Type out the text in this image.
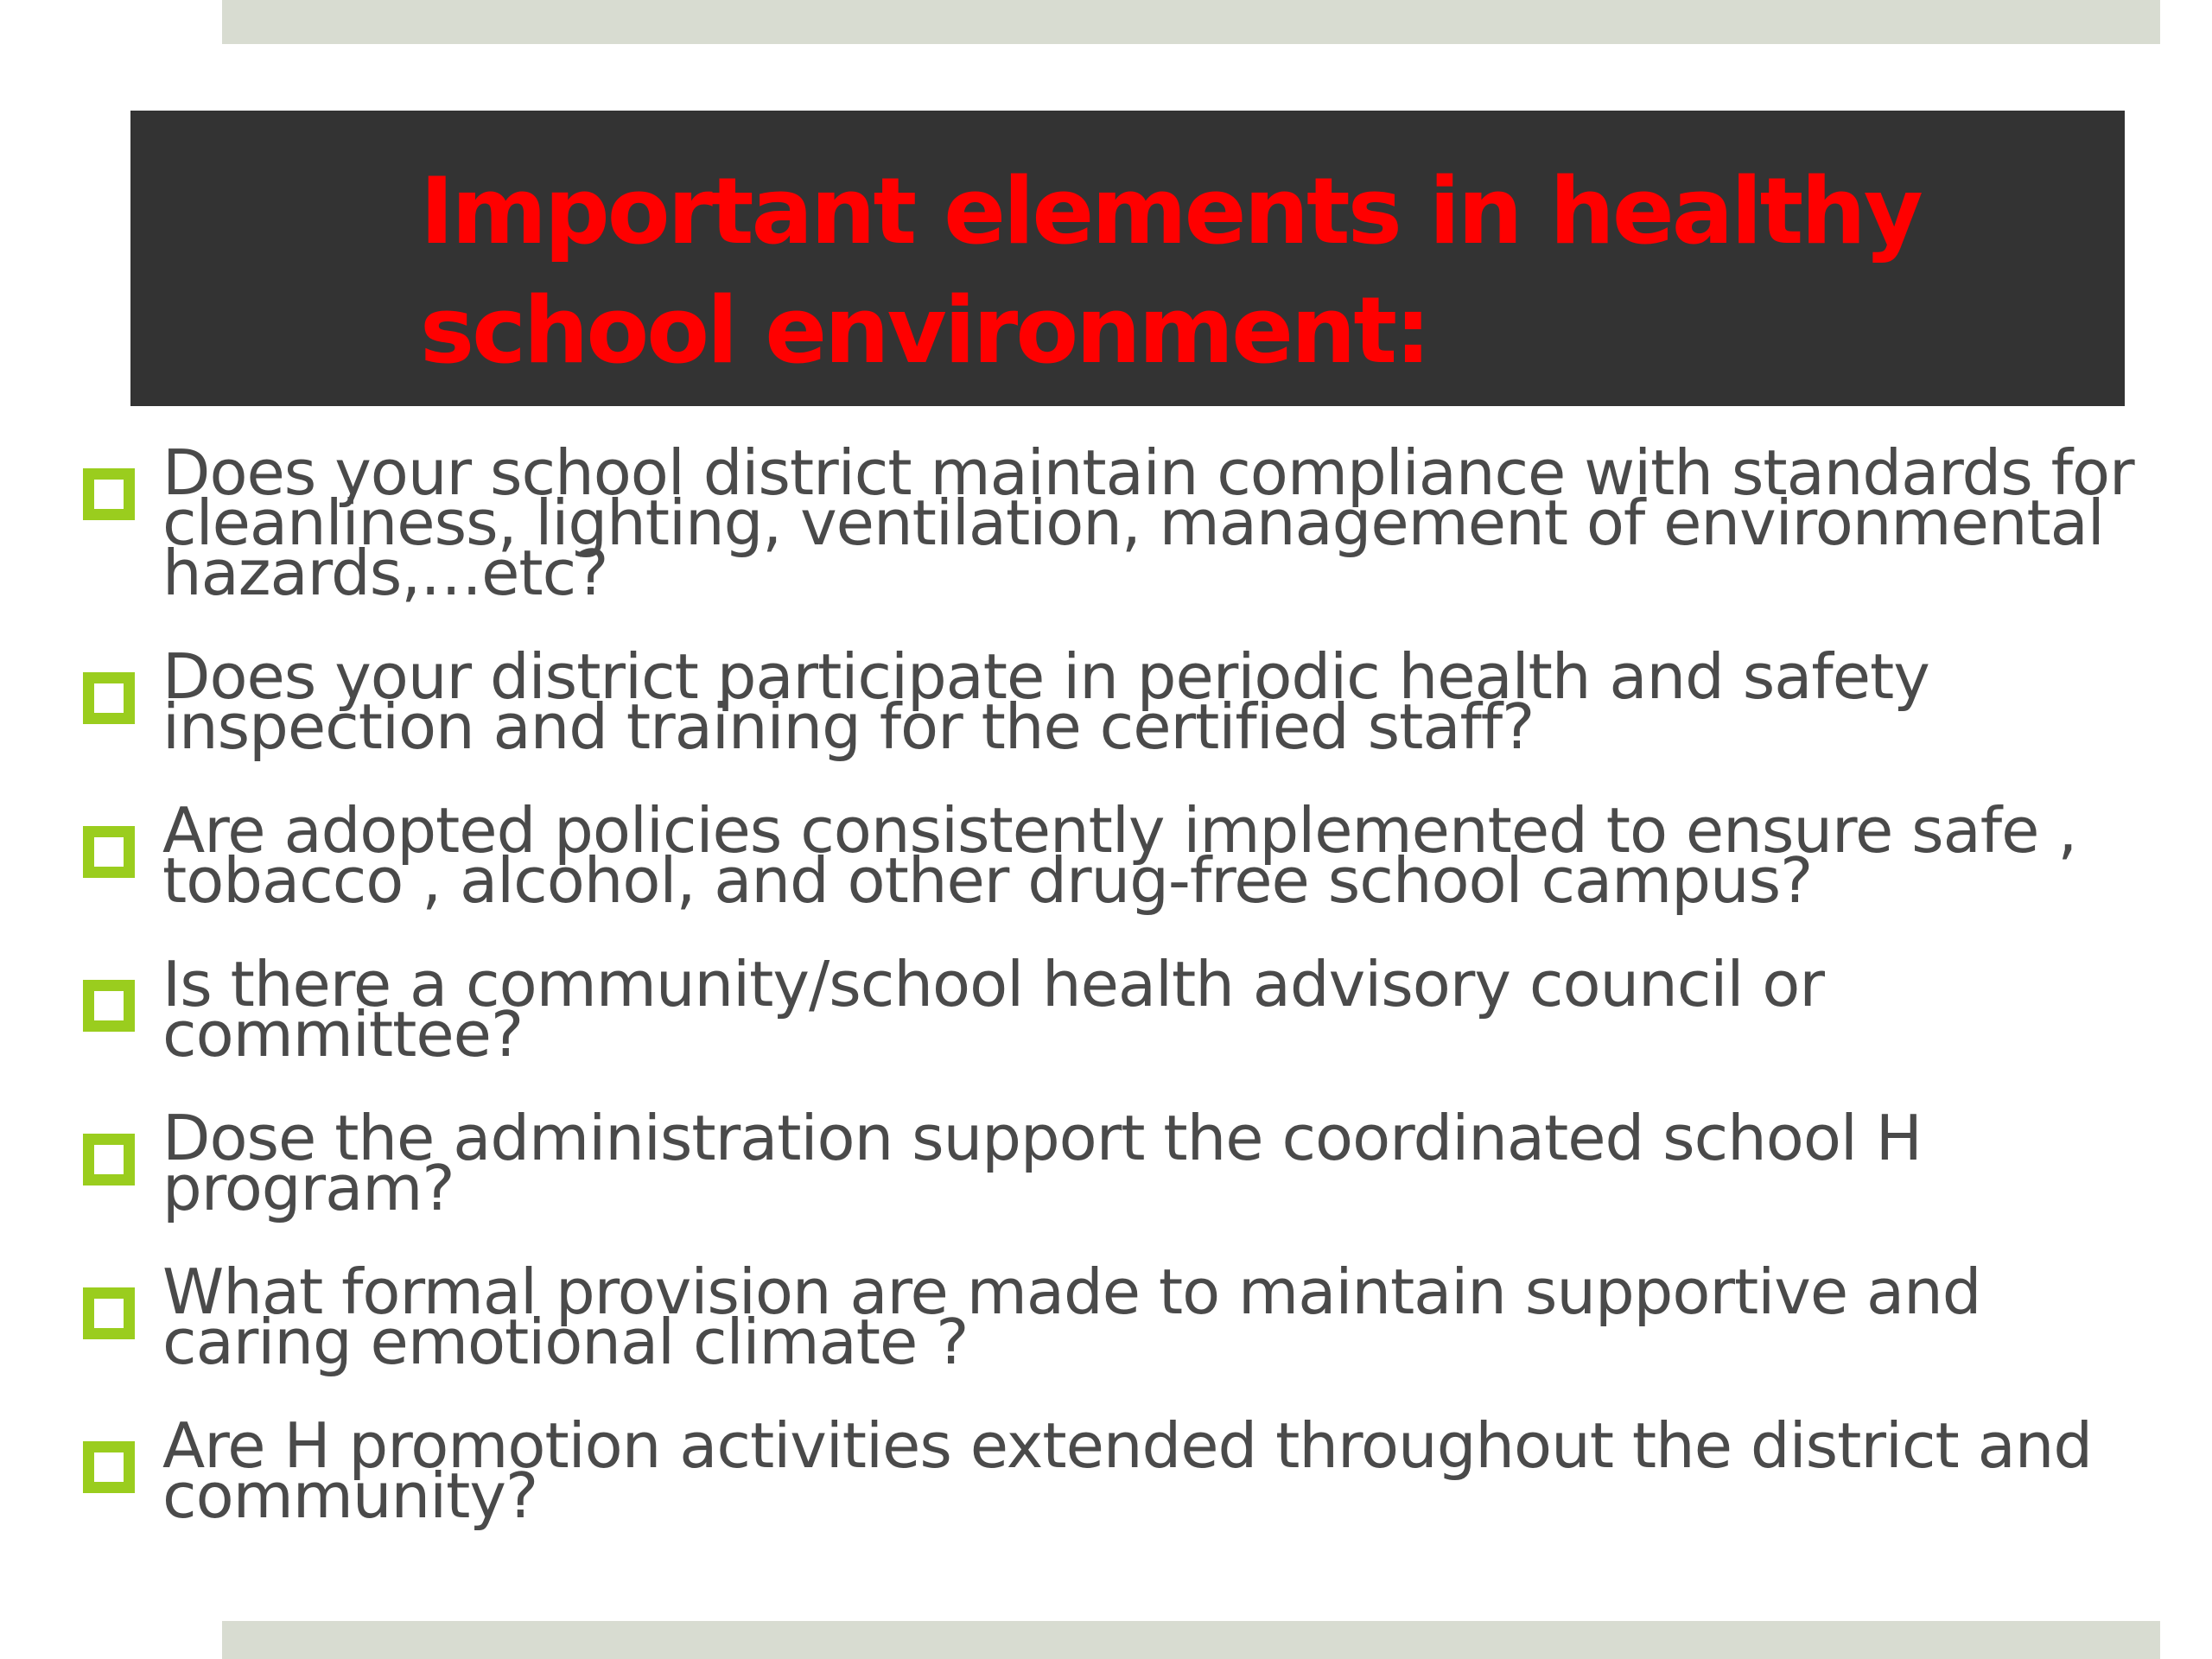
Important elements in healthy school environment:
Does your school district maintain compliance with standards for cleanliness, lighting, ventilation, management of environmental hazards,…etc?
Does your district participate in periodic health and safety inspection and training for the certified staff?
Are adopted policies consistently implemented to ensure safe , tobacco , alcohol, and other drug-free school campus?
Is there a community/school health advisory council or committee?
Dose the administration support the coordinated school H program?
What formal provision are made to maintain supportive and caring emotional climate ?
Are H promotion activities extended throughout the district and community?
